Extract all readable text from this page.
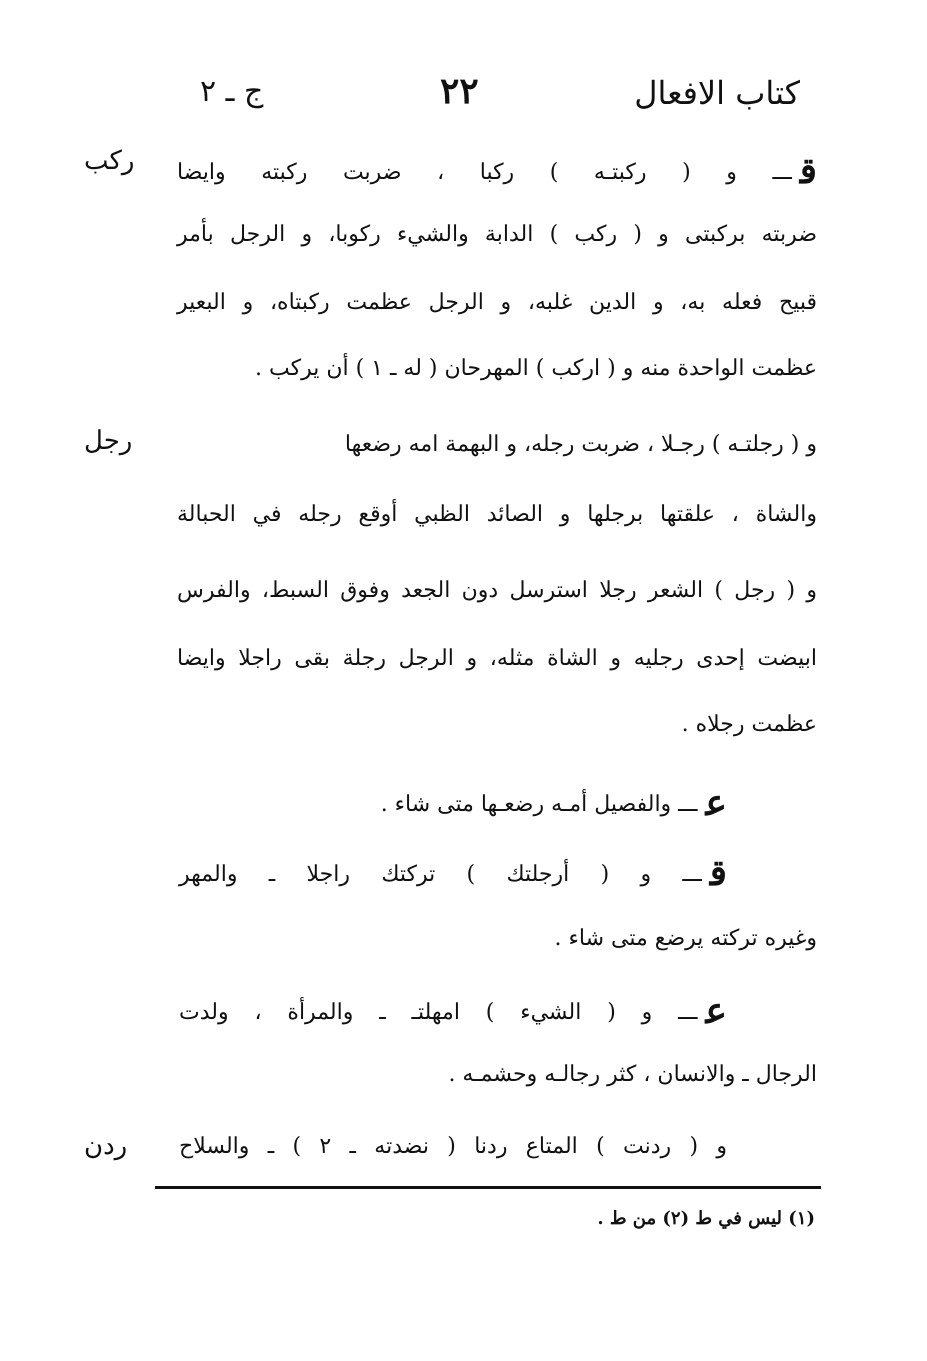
كتاب الافعال
٢٢
ج ـ ٢
ركب
رجل
ردن
قـــ و ( ركبتـه ) ركبا ، ضربت ركبته وايضا
ضربته بركبتى و ( ركب ) الدابة والشيء ركوبا، و الرجل بأمر
قبيح فعله به، و الدين غلبه، و الرجل عظمت ركبتاه، و البعير
عظمت الواحدة منه و ( اركب ) المهرحان ( له ـ ١ ) أن يركب .
و ( رجلتـه ) رجـلا ، ضربت رجله، و البهمة امه رضعها
والشاة ، علقتها برجلها و الصائد الظبي أوقع رجله في الحبالة
و ( رجل ) الشعر رجلا استرسل دون الجعد وفوق السبط، والفرس
ابيضت إحدى رجليه و الشاة مثله، و الرجل رجلة بقى راجلا وايضا
عظمت رجلاه .
عـــ والفصيل أمـه رضعـها متى شاء .
قـــ و ( أرجلتك ) تركتك راجلا ـ والمهر
وغيره تركته يرضع متى شاء .
عـــ و ( الشيء ) امهلتـ ـ والمرأة ، ولدت
الرجال ـ والانسان ، كثر رجالـه وحشمـه .
و ( ردنت ) المتاع ردنا ( نضدته ـ ٢ ) ـ والسلاح
(١) ليس في ط (٢) من ط .
